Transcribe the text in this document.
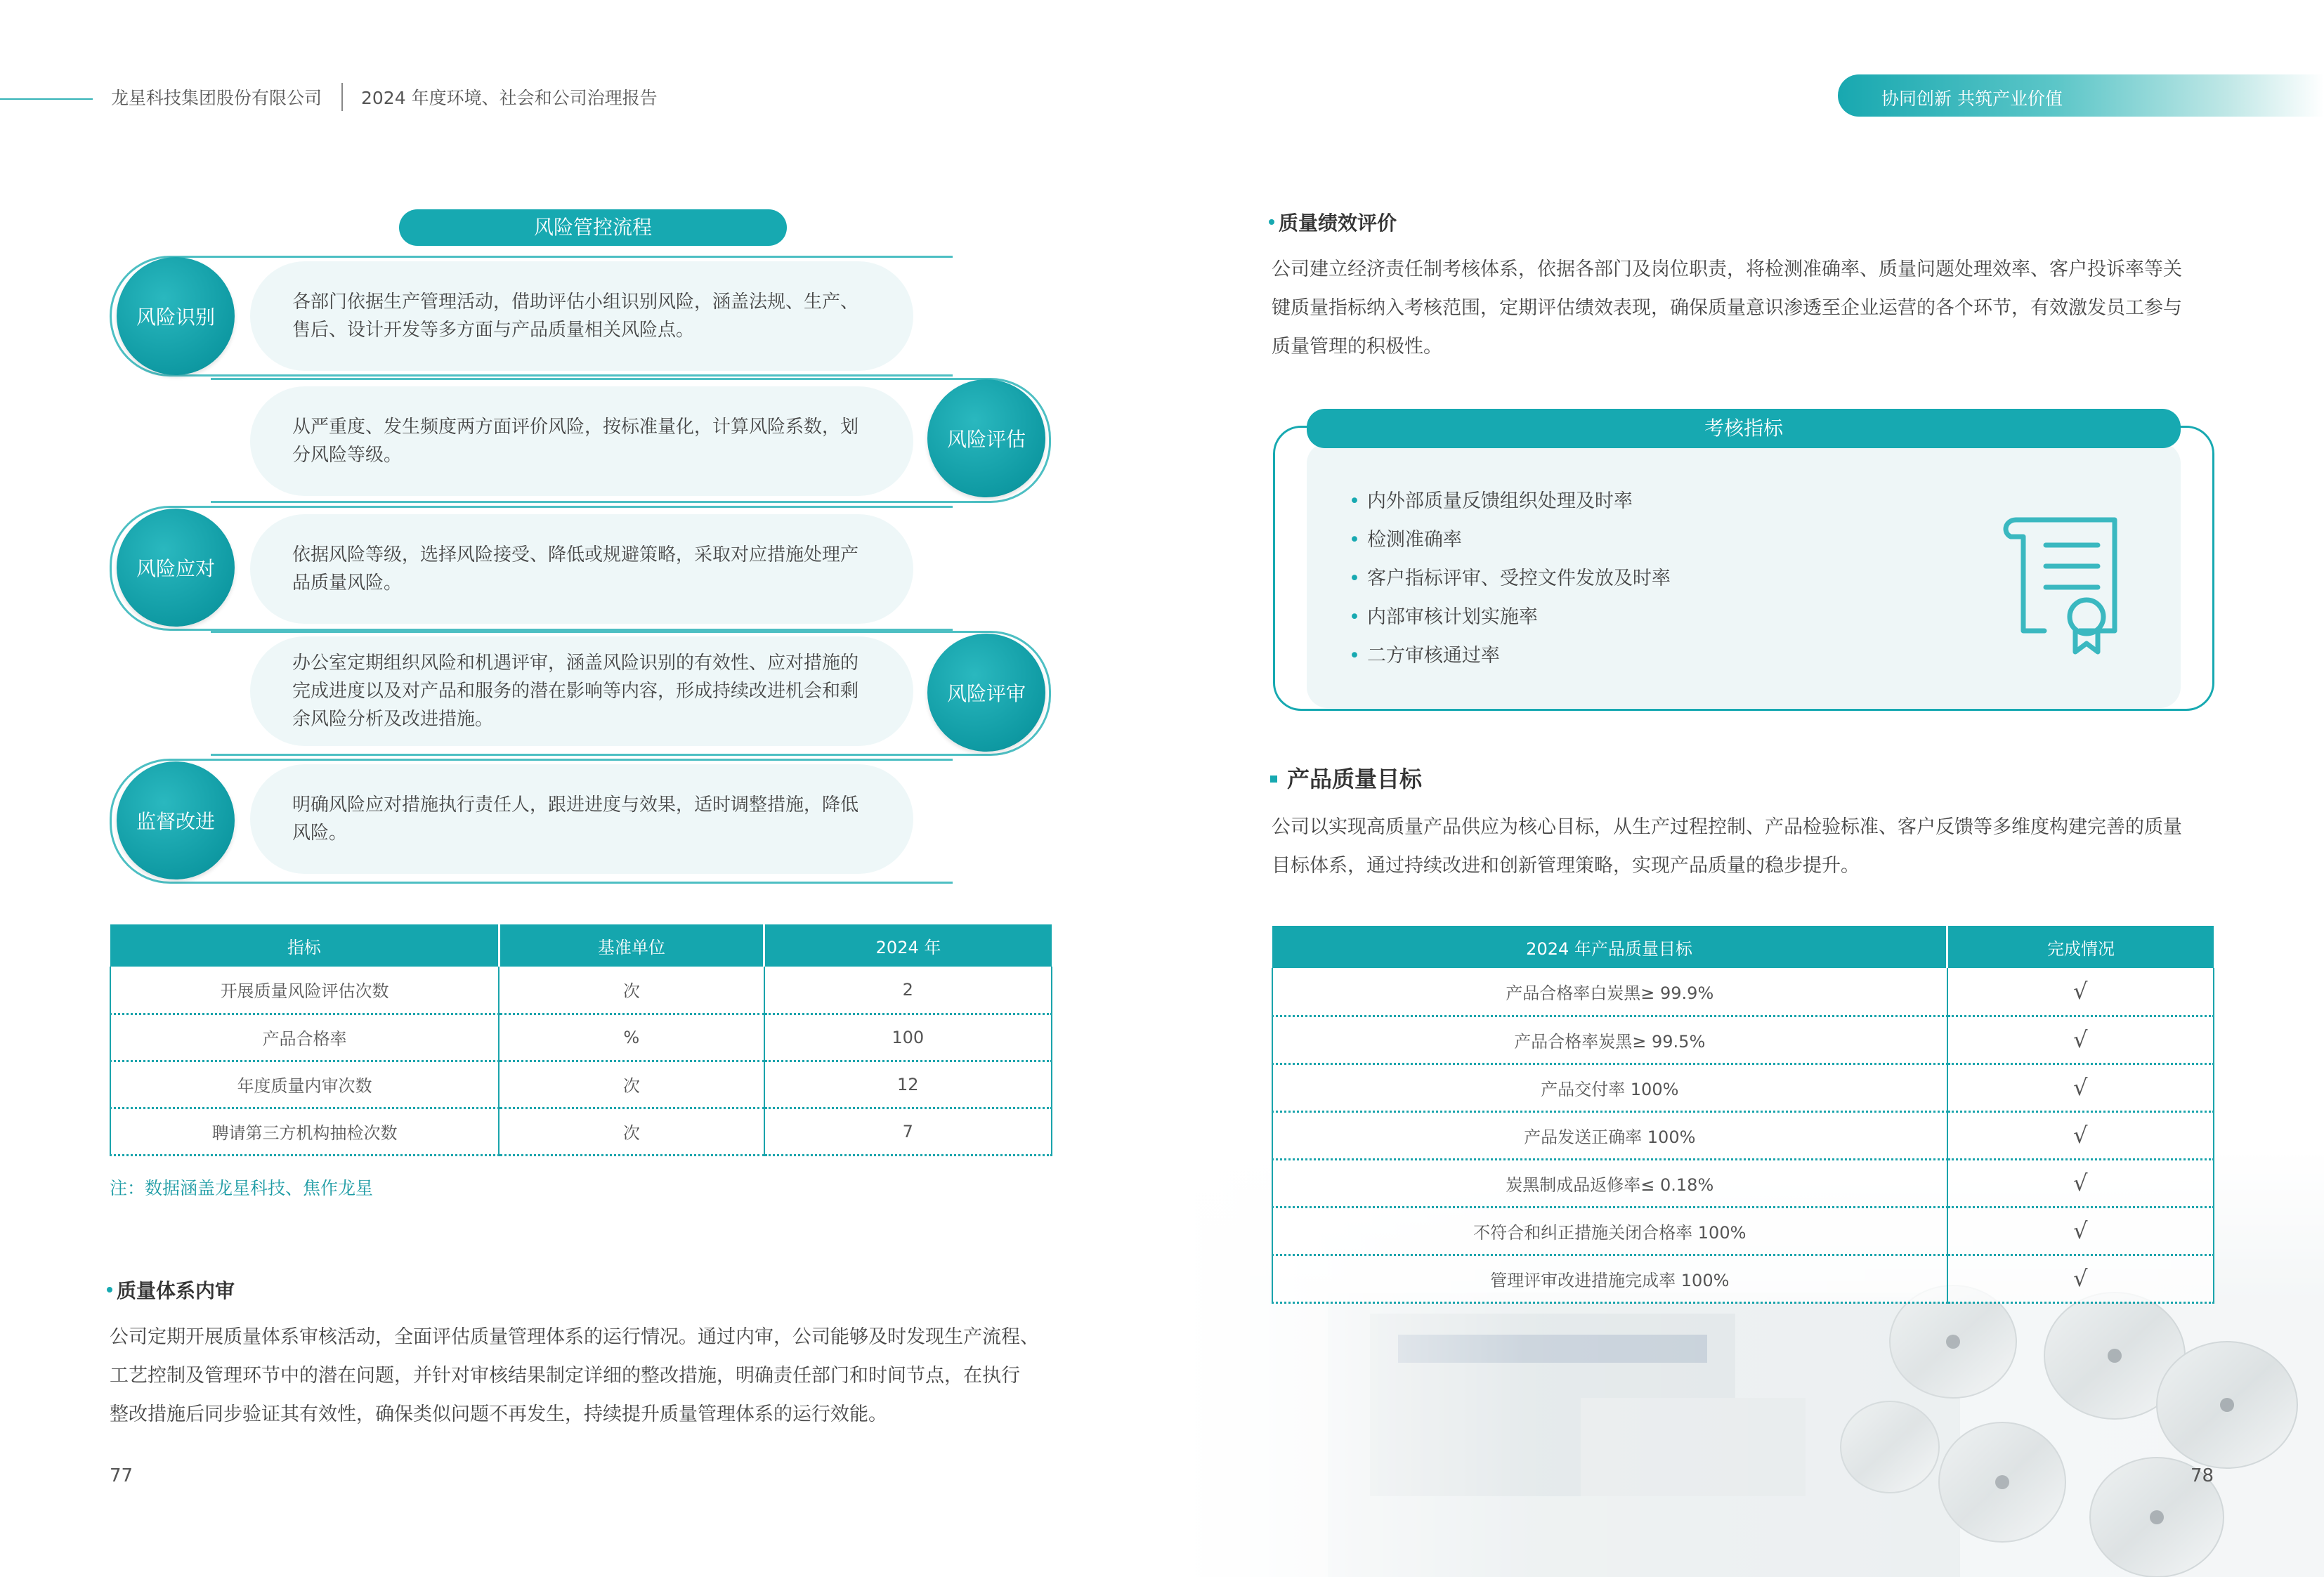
龙星科技集团股份有限公司 2024 年度环境、社会和公司治理报告	协同创新 共筑产业价值
风险管控流程
各部门依据生产管理活动，借助评估小组识别风险，涵盖法规、生产、售后、设计开发等多方面与产品质量相关风险点。
风险识别
从严重度、发生频度两方面评价风险，按标准量化，计算风险系数，划分风险等级。
风险评估
依据风险等级，选择风险接受、降低或规避策略，采取对应措施处理产品质量风险。
风险应对
办公室定期组织风险和机遇评审，涵盖风险识别的有效性、应对措施的完成进度以及对产品和服务的潜在影响等内容，形成持续改进机会和剩余风险分析及改进措施。
风险评审
明确风险应对措施执行责任人，跟进进度与效果，适时调整措施，降低风险。
监督改进
指标	基准单位	2024 年
开展质量风险评估次数	次	2
产品合格率	%	100
年度质量内审次数	次	12
聘请第三方机构抽检次数	次	7
注：数据涵盖龙星科技、焦作龙星
质量体系内审
公司定期开展质量体系审核活动，全面评估质量管理体系的运行情况。通过内审，公司能够及时发现生产流程、
工艺控制及管理环节中的潜在问题，并针对审核结果制定详细的整改措施，明确责任部门和时间节点，在执行
整改措施后同步验证其有效性，确保类似问题不再发生，持续提升质量管理体系的运行效能。
77
质量绩效评价
公司建立经济责任制考核体系，依据各部门及岗位职责，将检测准确率、质量问题处理效率、客户投诉率等关
键质量指标纳入考核范围，定期评估绩效表现，确保质量意识渗透至企业运营的各个环节，有效激发员工参与
质量管理的积极性。
考核指标
• 内外部质量反馈组织处理及时率
• 检测准确率
• 客户指标评审、受控文件发放及时率
• 内部审核计划实施率
• 二方审核通过率
产品质量目标
公司以实现高质量产品供应为核心目标，从生产过程控制、产品检验标准、客户反馈等多维度构建完善的质量
目标体系，通过持续改进和创新管理策略，实现产品质量的稳步提升。
2024 年产品质量目标	完成情况
产品合格率白炭黑≥ 99.9%	√
产品合格率炭黑≥ 99.5%	√
产品交付率 100%	√
产品发送正确率 100%	√
炭黑制成品返修率≤ 0.18%	√
不符合和纠正措施关闭合格率 100%	√
管理评审改进措施完成率 100%	√
78
